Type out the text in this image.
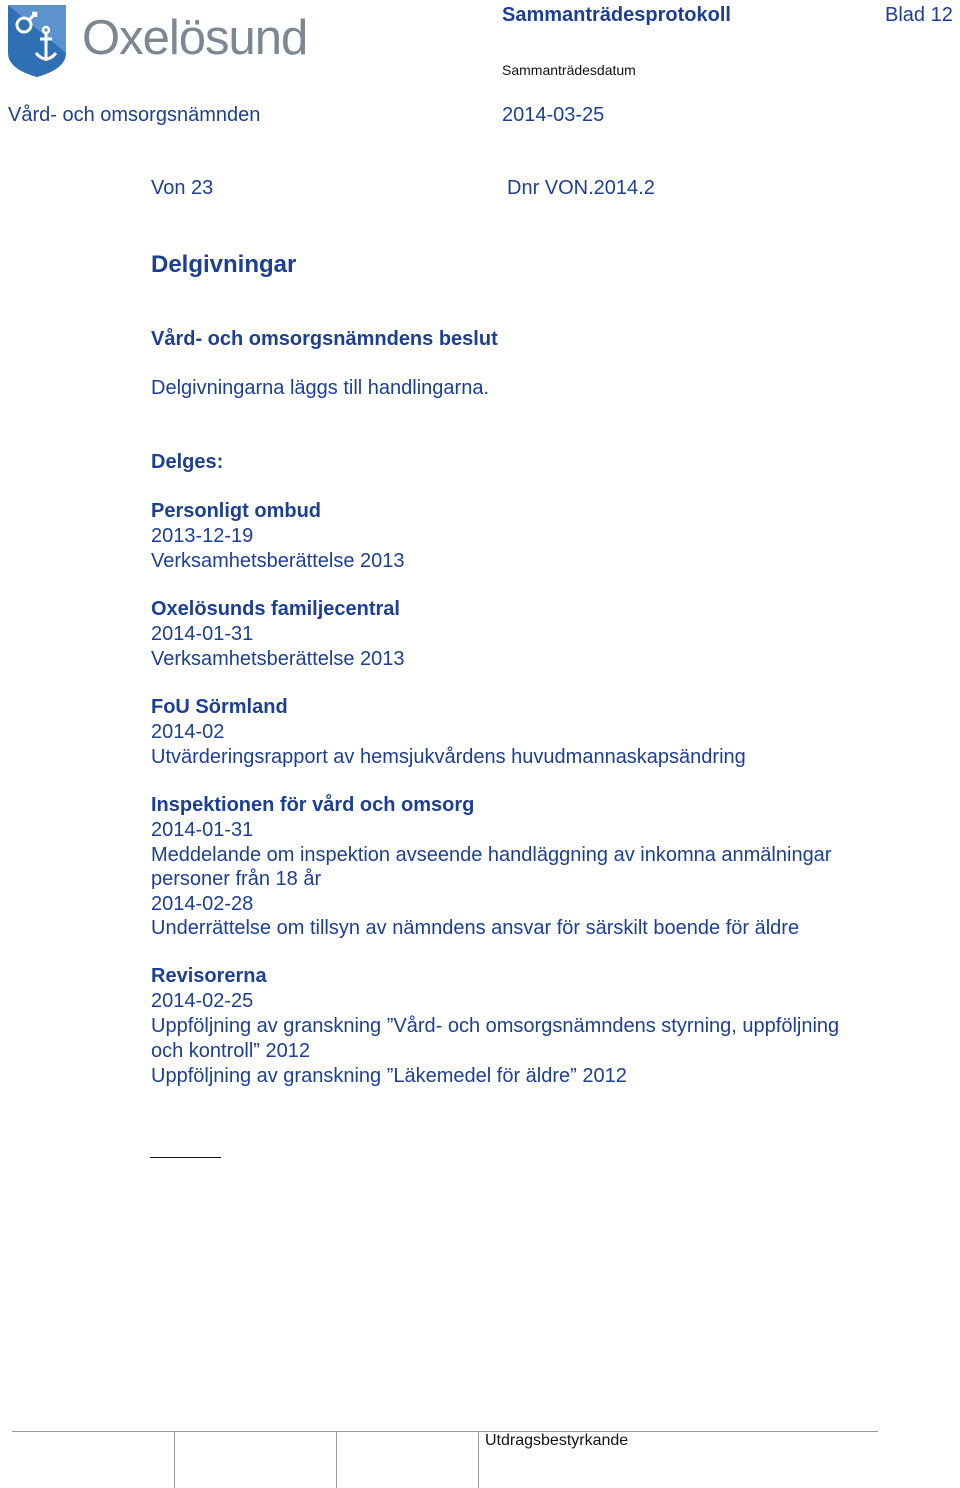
Oxelösund	Sammanträdesprotokoll	Blad 12
Sammanträdesdatum
Vård- och omsorgsnämnden	2014-03-25
Von 23	Dnr VON.2014.2
Delgivningar
Vård- och omsorgsnämndens beslut
Delgivningarna läggs till handlingarna.
Delges:
Personligt ombud
2013-12-19
Verksamhetsberättelse 2013
Oxelösunds familjecentral
2014-01-31
Verksamhetsberättelse 2013
FoU Sörmland
2014-02
Utvärderingsrapport av hemsjukvårdens huvudmannaskapsändring
Inspektionen för vård och omsorg
2014-01-31
Meddelande om inspektion avseende handläggning av inkomna anmälningar
personer från 18 år
2014-02-28
Underrättelse om tillsyn av nämndens ansvar för särskilt boende för äldre
Revisorerna
2014-02-25
Uppföljning av granskning ”Vård- och omsorgsnämndens styrning, uppföljning
och kontroll” 2012
Uppföljning av granskning ”Läkemedel för äldre” 2012
Utdragsbestyrkande
